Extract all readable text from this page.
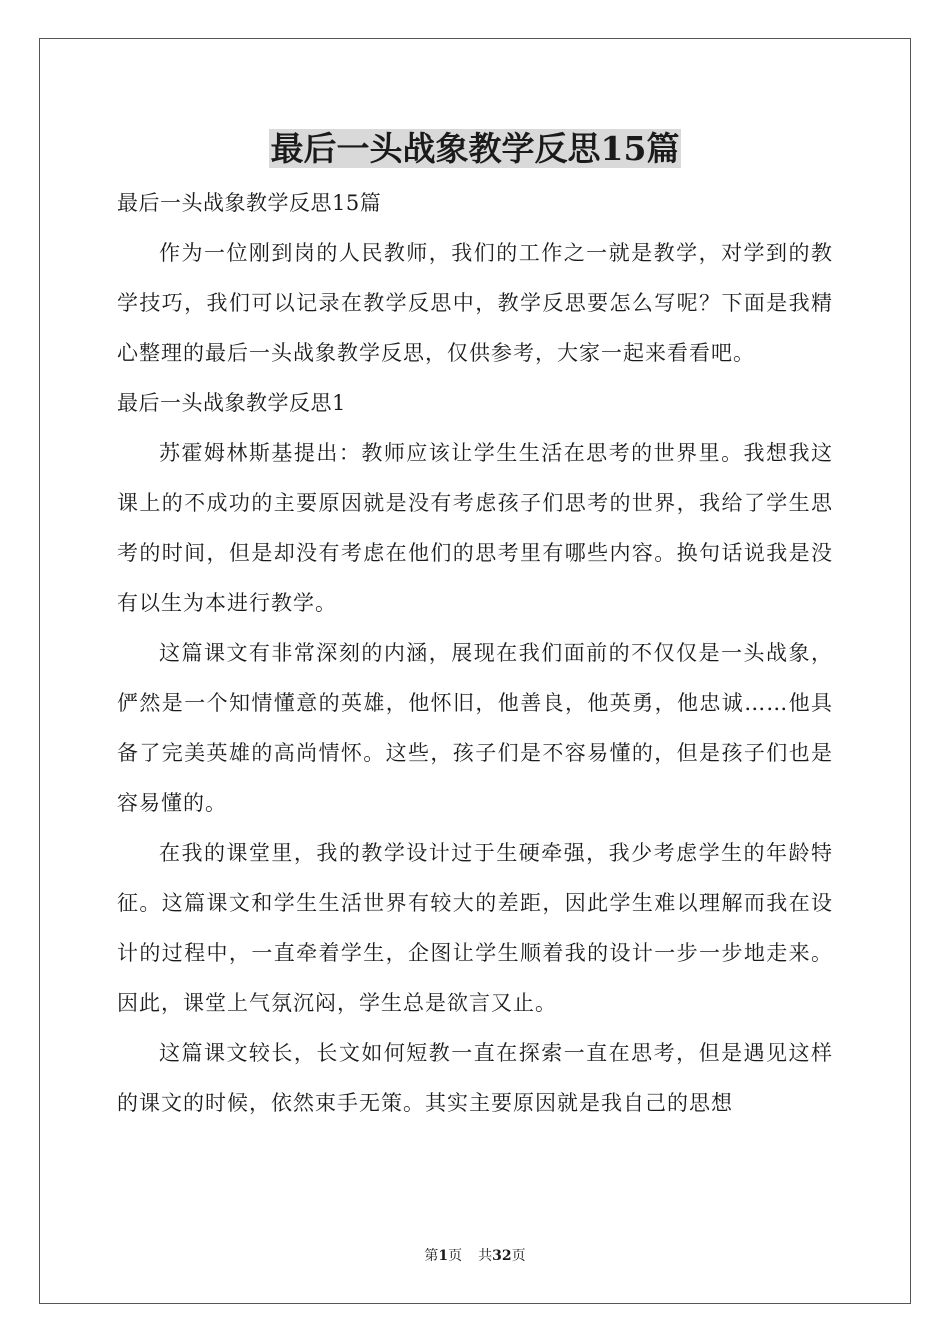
最后一头战象教学反思15篇

最后一头战象教学反思15篇

作为一位刚到岗的人民教师，我们的工作之一就是教学，对学到的教学技巧，我们可以记录在教学反思中，教学反思要怎么写呢？下面是我精心整理的最后一头战象教学反思，仅供参考，大家一起来看看吧。

最后一头战象教学反思1

苏霍姆林斯基提出：教师应该让学生生活在思考的世界里。我想我这课上的不成功的主要原因就是没有考虑孩子们思考的世界，我给了学生思考的时间，但是却没有考虑在他们的思考里有哪些内容。换句话说我是没有以生为本进行教学。

这篇课文有非常深刻的内涵，展现在我们面前的不仅仅是一头战象，俨然是一个知情懂意的英雄，他怀旧，他善良，他英勇，他忠诚……他具备了完美英雄的高尚情怀。这些，孩子们是不容易懂的，但是孩子们也是容易懂的。

在我的课堂里，我的教学设计过于生硬牵强，我少考虑学生的年龄特征。这篇课文和学生生活世界有较大的差距，因此学生难以理解而我在设计的过程中，一直牵着学生，企图让学生顺着我的设计一步一步地走来。因此，课堂上气氛沉闷，学生总是欲言又止。

这篇课文较长，长文如何短教一直在探索一直在思考，但是遇见这样的课文的时候，依然束手无策。其实主要原因就是我自己的思想

第1页 共32页
